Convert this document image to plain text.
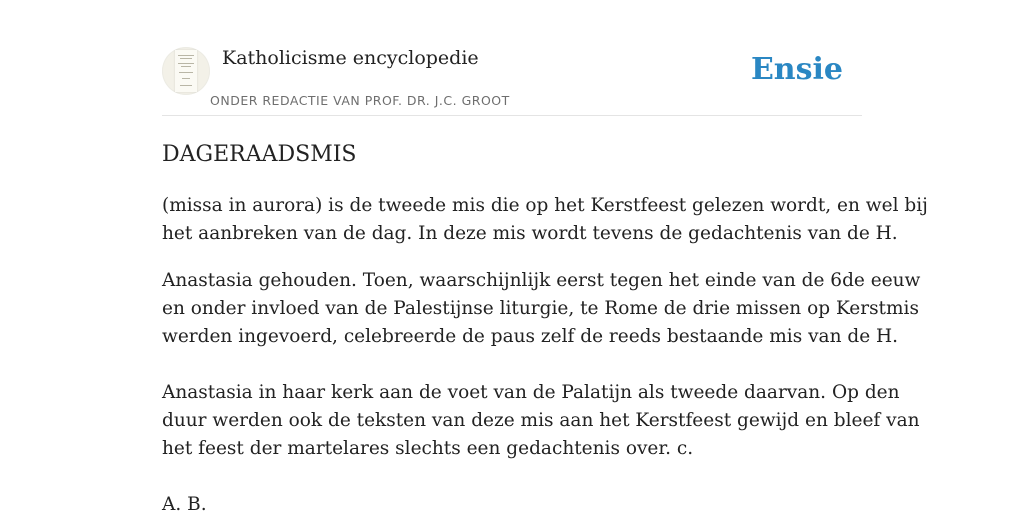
Katholicisme encyclopedie
ONDER REDACTIE VAN PROF. DR. J.C. GROOT
Ensie
DAGERAADSMIS

(missa in aurora) is de tweede mis die op het Kerstfeest gelezen wordt, en wel bij
het aanbreken van de dag. In deze mis wordt tevens de gedachtenis van de H.

Anastasia gehouden. Toen, waarschijnlijk eerst tegen het einde van de 6de eeuw
en onder invloed van de Palestijnse liturgie, te Rome de drie missen op Kerstmis
werden ingevoerd, celebreerde de paus zelf de reeds bestaande mis van de H.

Anastasia in haar kerk aan de voet van de Palatijn als tweede daarvan. Op den
duur werden ook de teksten van deze mis aan het Kerstfeest gewijd en bleef van
het feest der martelares slechts een gedachtenis over. c.

A. B.
